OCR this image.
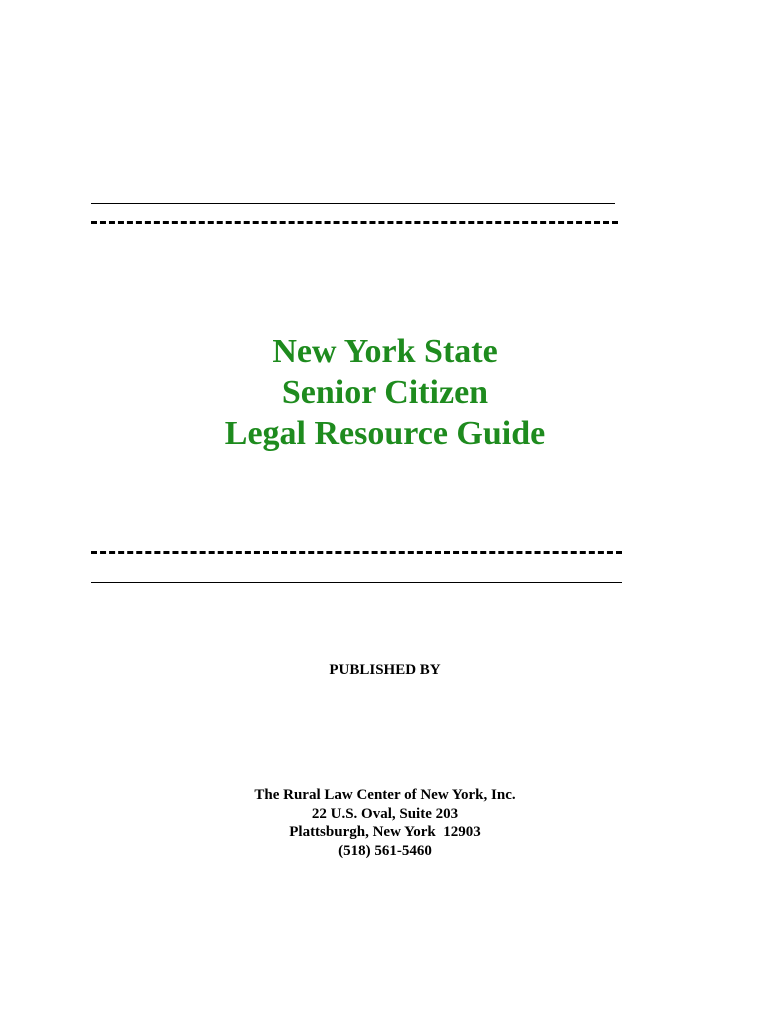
New York State
Senior Citizen
Legal Resource Guide
PUBLISHED BY
The Rural Law Center of New York, Inc.
22 U.S. Oval, Suite 203
Plattsburgh, New York  12903
(518) 561-5460
